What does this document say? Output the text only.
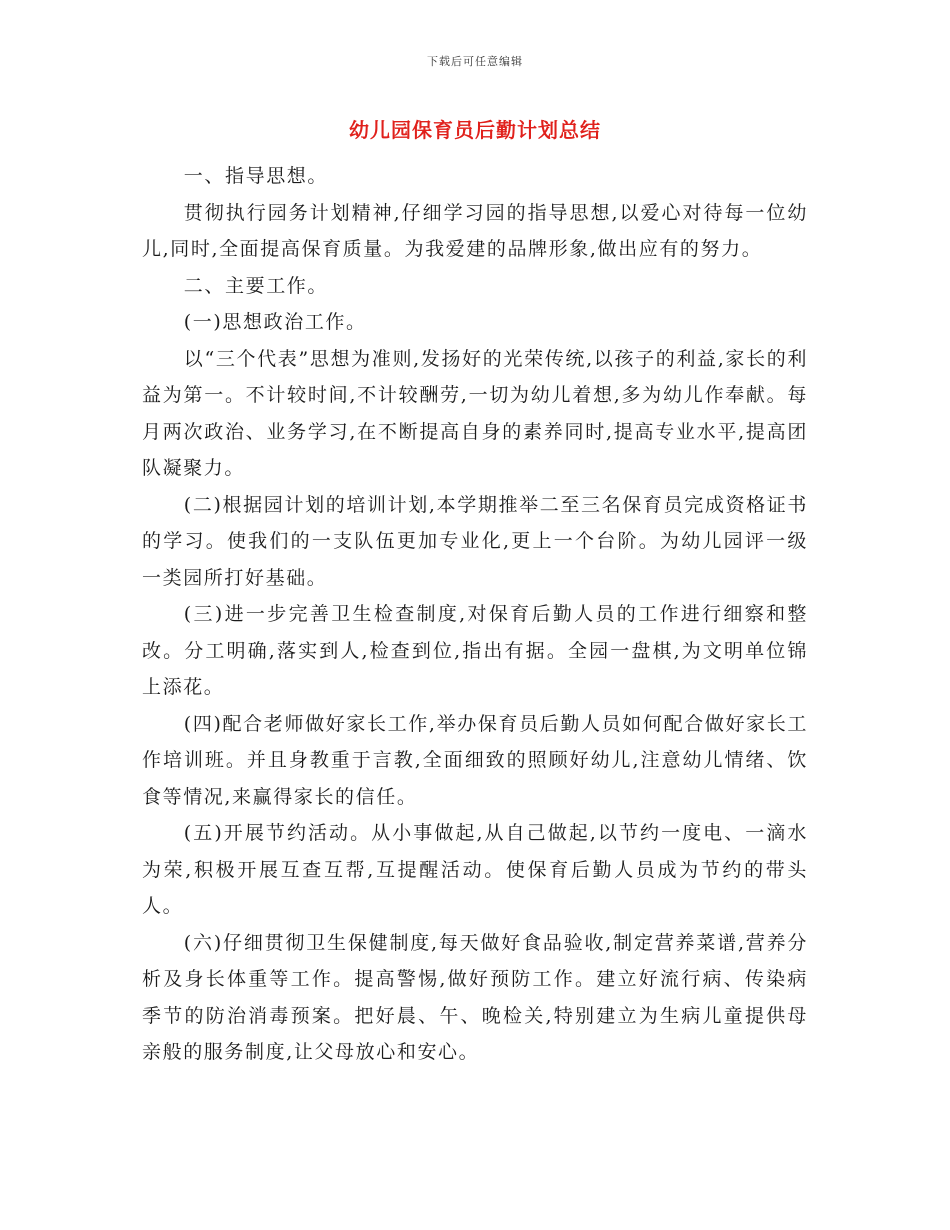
下载后可任意编辑
幼儿园保育员后勤计划总结

一、指导思想。

贯彻执行园务计划精神,仔细学习园的指导思想,以爱心对待每一位幼儿,同时,全面提高保育质量。为我爱建的品牌形象,做出应有的努力。

二、主要工作。

(一)思想政治工作。

以“三个代表”思想为准则,发扬好的光荣传统,以孩子的利益,家长的利益为第一。不计较时间,不计较酬劳,一切为幼儿着想,多为幼儿作奉献。每月两次政治、业务学习,在不断提高自身的素养同时,提高专业水平,提高团队凝聚力。

(二)根据园计划的培训计划,本学期推举二至三名保育员完成资格证书的学习。使我们的一支队伍更加专业化,更上一个台阶。为幼儿园评一级一类园所打好基础。

(三)进一步完善卫生检查制度,对保育后勤人员的工作进行细察和整改。分工明确,落实到人,检查到位,指出有据。全园一盘棋,为文明单位锦上添花。

(四)配合老师做好家长工作,举办保育员后勤人员如何配合做好家长工作培训班。并且身教重于言教,全面细致的照顾好幼儿,注意幼儿情绪、饮食等情况,来赢得家长的信任。

(五)开展节约活动。从小事做起,从自己做起,以节约一度电、一滴水为荣,积极开展互查互帮,互提醒活动。使保育后勤人员成为节约的带头人。

(六)仔细贯彻卫生保健制度,每天做好食品验收,制定营养菜谱,营养分析及身长体重等工作。提高警惕,做好预防工作。建立好流行病、传染病季节的防治消毒预案。把好晨、午、晚检关,特别建立为生病儿童提供母亲般的服务制度,让父母放心和安心。
